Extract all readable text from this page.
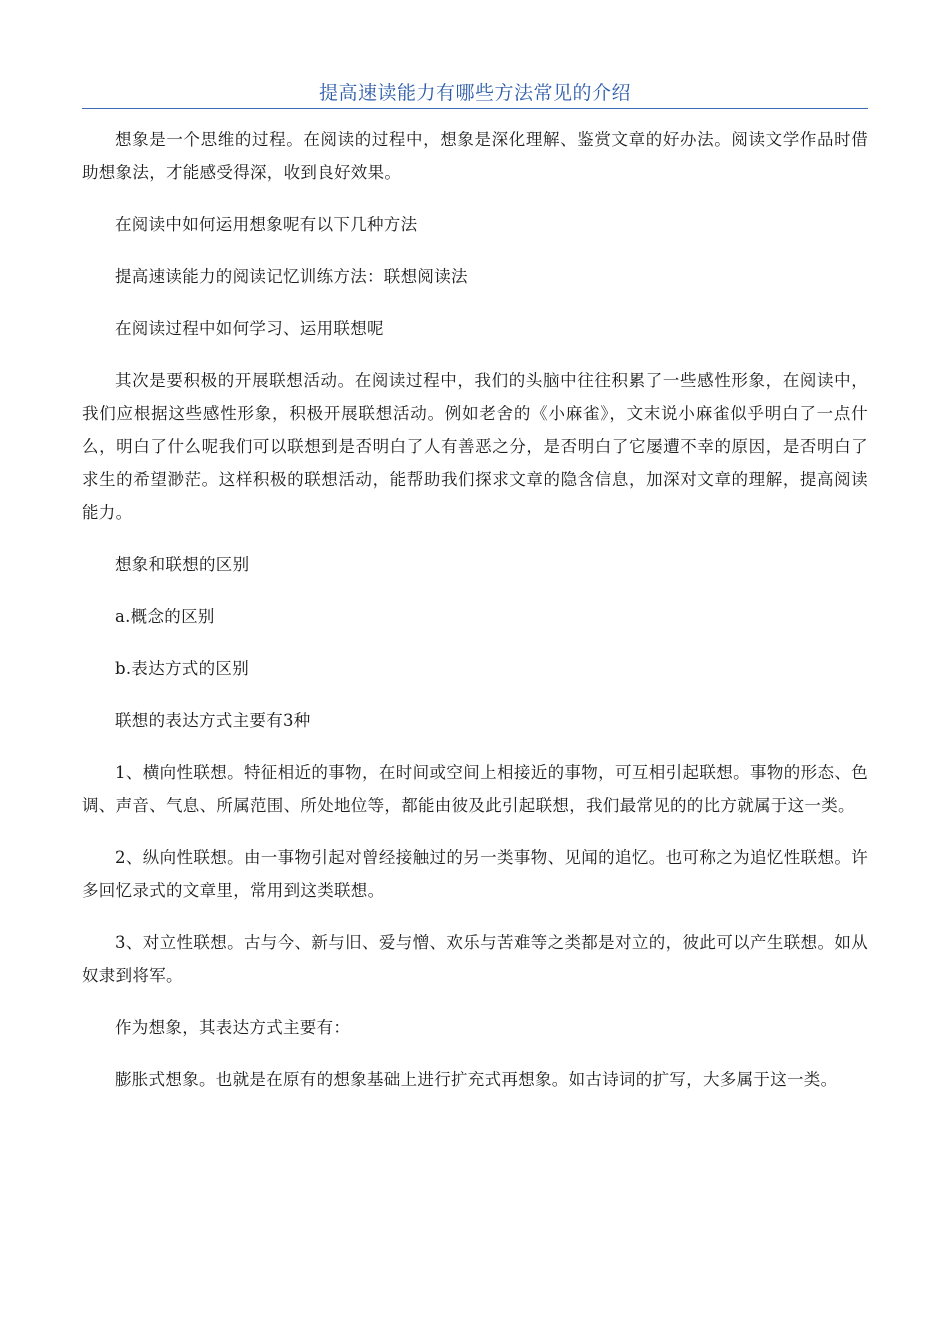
提高速读能力有哪些方法常见的介绍

想象是一个思维的过程。在阅读的过程中，想象是深化理解、鉴赏文章的好办法。阅读文学作品时借助想象法，才能感受得深，收到良好效果。

在阅读中如何运用想象呢有以下几种方法

提高速读能力的阅读记忆训练方法：联想阅读法

在阅读过程中如何学习、运用联想呢

其次是要积极的开展联想活动。在阅读过程中，我们的头脑中往往积累了一些感性形象，在阅读中，我们应根据这些感性形象，积极开展联想活动。例如老舍的《小麻雀》，文末说小麻雀似乎明白了一点什么，明白了什么呢我们可以联想到是否明白了人有善恶之分，是否明白了它屡遭不幸的原因，是否明白了求生的希望渺茫。这样积极的联想活动，能帮助我们探求文章的隐含信息，加深对文章的理解，提高阅读能力。

想象和联想的区别

a.概念的区别

b.表达方式的区别

联想的表达方式主要有3种

1、横向性联想。特征相近的事物，在时间或空间上相接近的事物，可互相引起联想。事物的形态、色调、声音、气息、所属范围、所处地位等，都能由彼及此引起联想，我们最常见的的比方就属于这一类。

2、纵向性联想。由一事物引起对曾经接触过的另一类事物、见闻的追忆。也可称之为追忆性联想。许多回忆录式的文章里，常用到这类联想。

3、对立性联想。古与今、新与旧、爱与憎、欢乐与苦难等之类都是对立的，彼此可以产生联想。如从奴隶到将军。

作为想象，其表达方式主要有：

膨胀式想象。也就是在原有的想象基础上进行扩充式再想象。如古诗词的扩写，大多属于这一类。
